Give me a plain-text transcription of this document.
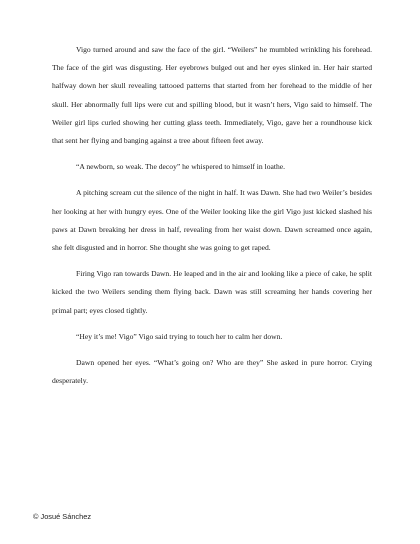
Vigo turned around and saw the face of the girl. “Weilers” he mumbled wrinkling his forehead. The face of the girl was disgusting. Her eyebrows bulged out and her eyes slinked in. Her hair started halfway down her skull revealing tattooed patterns that started from her forehead to the middle of her skull. Her abnormally full lips were cut and spilling blood, but it wasn’t hers, Vigo said to himself. The Weiler girl lips curled showing her cutting glass teeth. Immediately, Vigo, gave her a roundhouse kick that sent her flying and banging against a tree about fifteen feet away.

“A newborn, so weak. The decoy” he whispered to himself in loathe.

A pitching scream cut the silence of the night in half. It was Dawn. She had two Weiler’s besides her looking at her with hungry eyes. One of the Weiler looking like the girl Vigo just kicked slashed his paws at Dawn breaking her dress in half, revealing from her waist down. Dawn screamed once again, she felt disgusted and in horror. She thought she was going to get raped.

Firing Vigo ran towards Dawn. He leaped and in the air and looking like a piece of cake, he split kicked the two Weilers sending them flying back. Dawn was still screaming her hands covering her primal part; eyes closed tightly.

“Hey it’s me! Vigo” Vigo said trying to touch her to calm her down.

Dawn opened her eyes. “What’s going on? Who are they” She asked in pure horror. Crying desperately.

© Josué Sánchez
